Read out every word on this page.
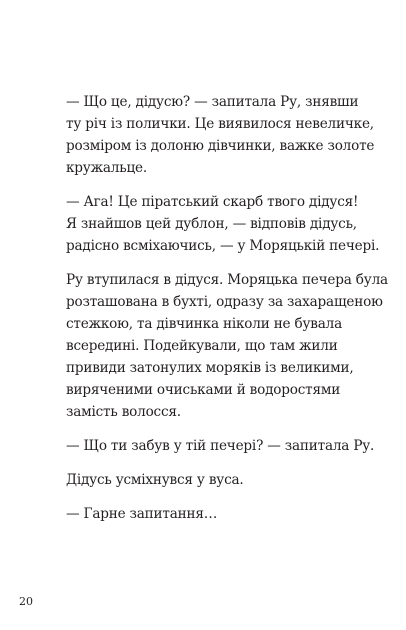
— Що це, дідусю? — запитала Ру, знявши
ту річ із полички. Це виявилося невеличке,
розміром із долоню дівчинки, важке золоте
кружальце.

— Ага! Це піратський скарб твого дідуся!
Я знайшов цей дублон, — відповів дідусь,
радісно всміхаючись, — у Моряцькій печері.

Ру втупилася в дідуся. Моряцька печера була
розташована в бухті, одразу за захаращеною
стежкою, та дівчинка ніколи не бувала
всередині. Подейкували, що там жили
привиди затонулих моряків із великими,
виряченими очиськами й водоростями
замість волосся.

— Що ти забув у тій печері? — запитала Ру.

Дідусь усміхнувся у вуса.

— Гарне запитання…

20
